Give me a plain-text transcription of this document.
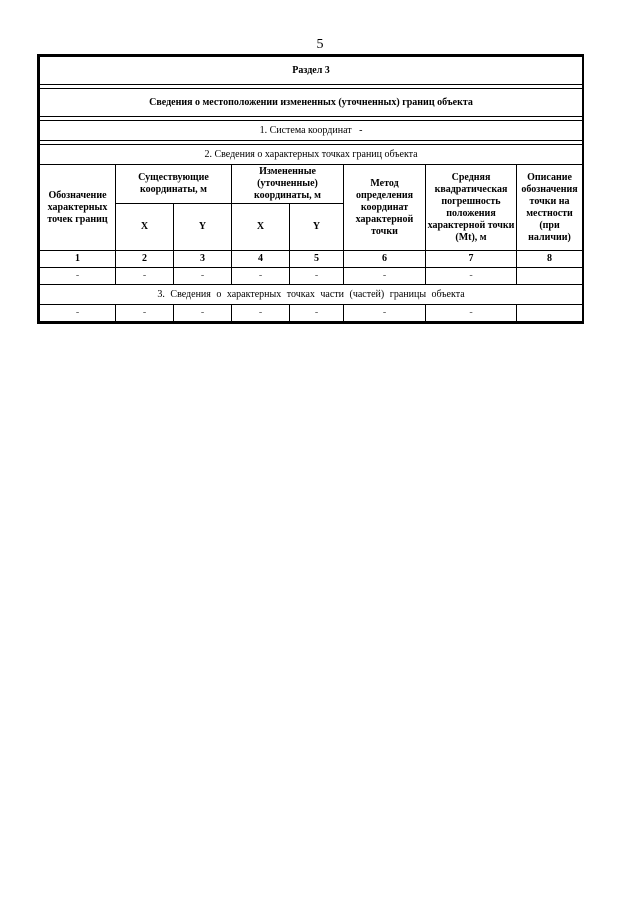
5
Раздел 3							

Сведения о местоположении измененных (уточненных) границ объекта							

1. Система координат -							

2. Сведения о характерных точках границ объекта							
Обозначение характерных точек границ	Существующие координаты, м		Измененные (уточненные) координаты, м		Метод определения координат характерной точки	Средняя квадратическая погрешность положения характерной точки (Mt), м	Описание обозначения точки на местности (при наличии)
	X	Y	X	Y			
1	2	3	4	5	6	7	8
-	-	-	-	-	-	-	
3. Сведения о характерных точках части (частей) границы объекта							
-	-	-	-	-	-	-	
